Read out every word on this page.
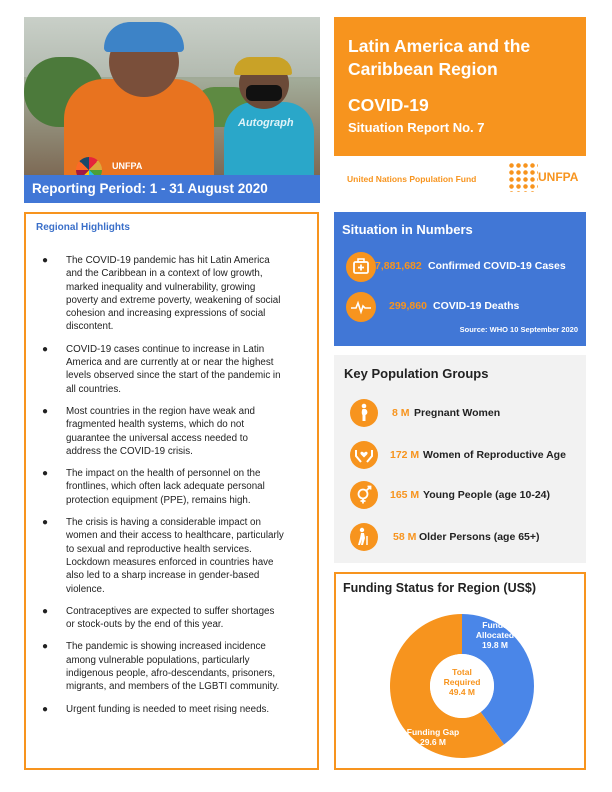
UNFPA
Autograph
Reporting Period: 1 - 31 August 2020
Latin America and the
Caribbean Region
COVID-19
Situation Report No. 7
United Nations Population Fund	UNFPA
Regional Highlights
● The COVID-19 pandemic has hit Latin America
and the Caribbean in a context of low growth,
marked inequality and vulnerability, growing
poverty and extreme poverty, weakening of social
cohesion and increasing expressions of social
discontent.
● COVID-19 cases continue to increase in Latin
America and are currently at or near the highest
levels observed since the start of the pandemic in
all countries.
● Most countries in the region have weak and
fragmented health systems, which do not
guarantee the universal access needed to
address the COVID-19 crisis.
● The impact on the health of personnel on the
frontlines, which often lack adequate personal
protection equipment (PPE), remains high.
● The crisis is having a considerable impact on
women and their access to healthcare, particularly
to sexual and reproductive health services.
Lockdown measures enforced in countries have
also led to a sharp increase in gender-based
violence.
● Contraceptives are expected to suffer shortages
or stock-outs by the end of this year.
● The pandemic is showing increased incidence
among vulnerable populations, particularly
indigenous people, afro-descendants, prisoners,
migrants, and members of the LGBTI community.
● Urgent funding is needed to meet rising needs.
Situation in Numbers
7,881,682 Confirmed COVID-19 Cases
299,860 COVID-19 Deaths
Source: WHO 10 September 2020
Key Population Groups
8 M Pregnant Women
172 M Women of Reproductive Age
165 M Young People (age 10-24)
58 M Older Persons (age 65+)
Funding Status for Region (US$)
Funds
Allocated
19.8 M
Total
Required
49.4 M
Funding Gap
29.6 M
